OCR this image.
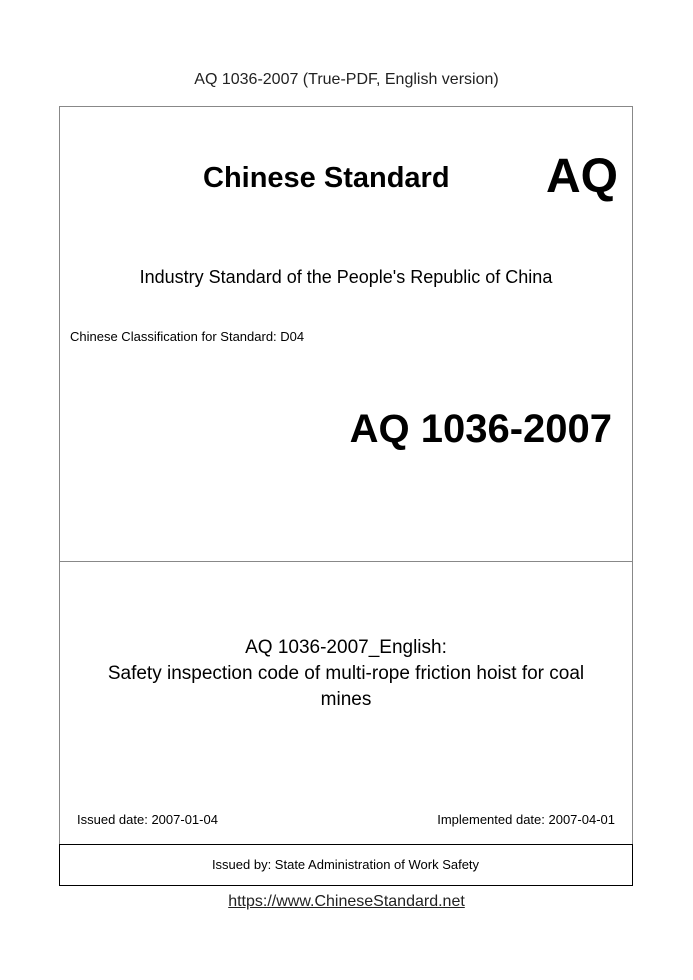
AQ 1036-2007 (True-PDF, English version)
Chinese Standard AQ
Industry Standard of the People's Republic of China
Chinese Classification for Standard: D04
AQ 1036-2007
AQ 1036-2007_English:
Safety inspection code of multi-rope friction hoist for coal
mines
Issued date: 2007-01-04	Implemented date: 2007-04-01
Issued by: State Administration of Work Safety
https://www.ChineseStandard.net
